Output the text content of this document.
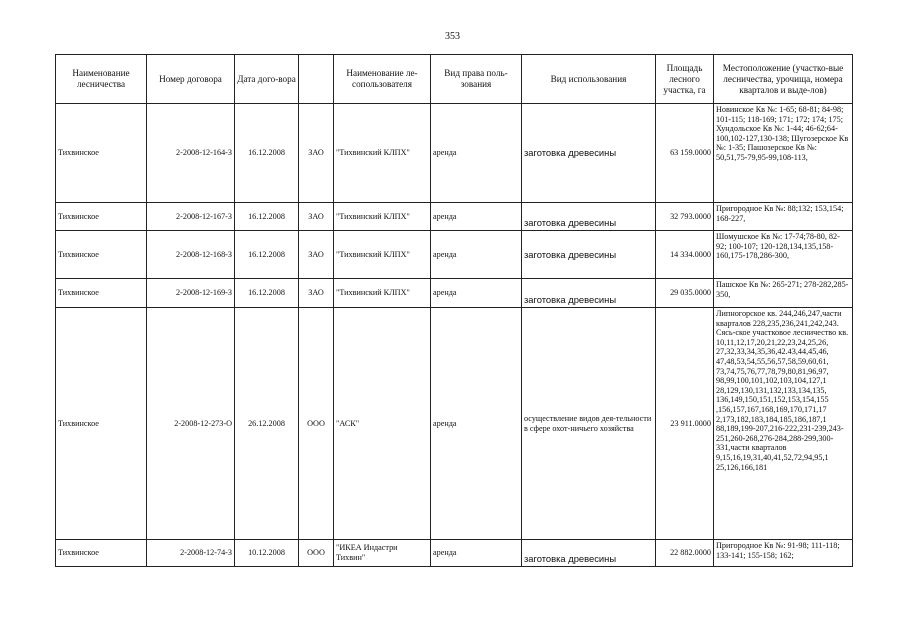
353
Наименование лесничества	Номер договора	Дата дого-вора		Наименование ле-сопользователя	Вид права поль-зования	Вид использования	Площадь лесного участка, га	Местоположение (участко-вые лесничества, урочища, номера кварталов и выде-лов)
Тихвинское	2-2008-12-164-З	16.12.2008	ЗАО	"Тихвинский КЛПХ"	аренда	заготовка древесины	63 159.0000	Новинское Кв №: 1-65; 68-81; 84-98; 101-115; 118-169; 171; 172; 174; 175; Хундольское Кв №: 1-44; 46-62;64-100,102-127,130-138; Шугозерское Кв №: 1-35; Пашозерское Кв №: 50,51,75-79,95-99,108-113,
Тихвинское	2-2008-12-167-З	16.12.2008	ЗАО	"Тихвинский КЛПХ"	аренда	заготовка древесины	32 793.0000	Пригородное Кв №: 88;132; 153,154; 168-227,
Тихвинское	2-2008-12-168-З	16.12.2008	ЗАО	"Тихвинский КЛПХ"	аренда	заготовка древесины	14 334.0000	Шомушское Кв №: 17-74;78-80, 82-92; 100-107; 120-128,134,135,158-160,175-178,286-300,
Тихвинское	2-2008-12-169-З	16.12.2008	ЗАО	"Тихвинский КЛПХ"	аренда	заготовка древесины	29 035.0000	Пашское Кв №: 265-271; 278-282,285-350,
Тихвинское	2-2008-12-273-О	26.12.2008	ООО	"АСК"	аренда	осуществление видов дея-тельности в сфере охот-ничьего хозяйства	23 911.0000	Липногорское кв. 244,246,247,части кварталов 228,235,236,241,242,243. Сясь-ское участковое лесничество кв. 10,11,12,17,20,21,22,23,24,25,26, 27,32,33,34,35,36,42.43,44,45,46, 47,48,53,54,55,56,57,58,59,60,61, 73,74,75,76,77,78,79,80,81,96,97, 98,99,100,101,102,103,104,127,1 28,129,130,131,132,133,134,135, 136,149,150,151,152,153,154,155 ,156,157,167,168,169,170,171,17 2,173,182,183,184,185,186,187,1 88,189,199-207,216-222,231-239,243-251,260-268,276-284,288-299,300-331,части кварталов 9,15,16,19,31,40,41,52,72,94,95,1 25,126,166,181
Тихвинское	2-2008-12-74-З	10.12.2008	ООО	"ИКЕА Индастри Тихвин"	аренда	заготовка древесины	22 882.0000	Пригородное Кв №: 91-98; 111-118; 133-141; 155-158; 162;
